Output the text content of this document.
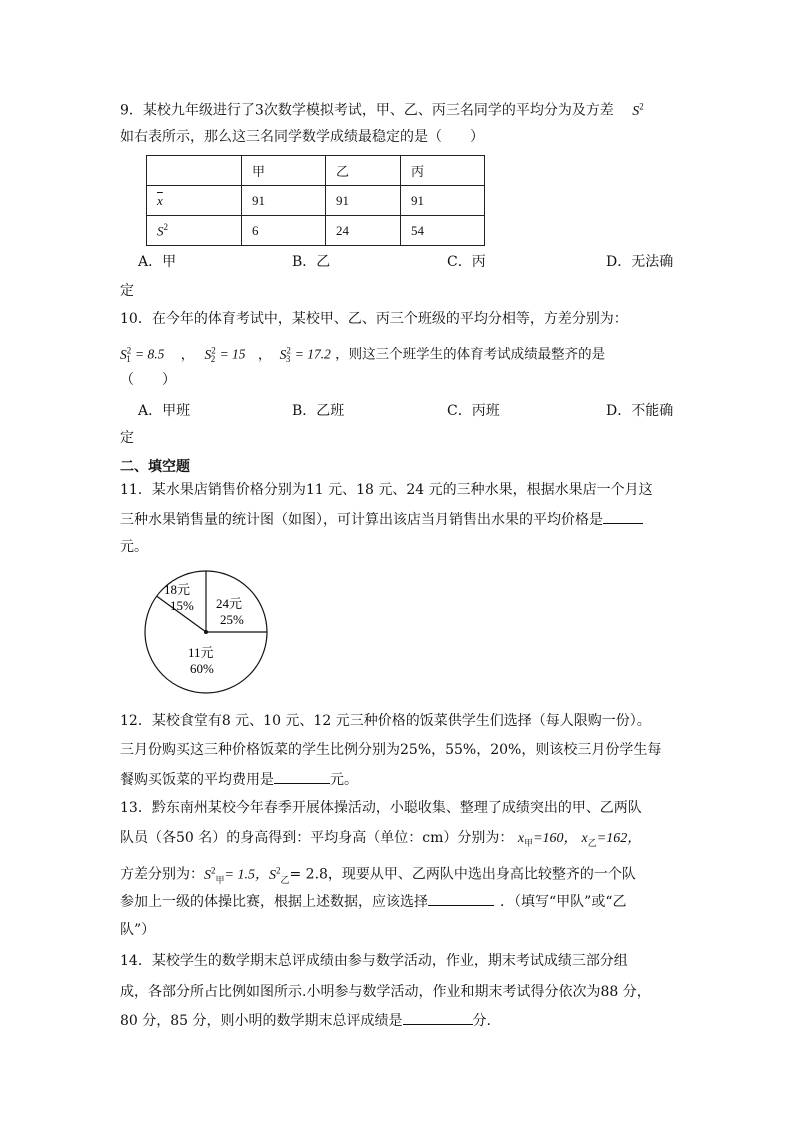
9．某校九年级进行了3次数学模拟考试，甲、乙、丙三名同学的平均分为及方差 $S^2$
如右表所示，那么这三名同学数学成绩最稳定的是（　　）
	甲	乙	丙
$\overline{x}$	91	91	91
$S^2$	6	24	54
A．甲	B．乙	C．丙	D．无法确
定
10．在今年的体育考试中，某校甲、乙、丙三个班级的平均分相等，方差分别为：
$S^2_1 = 8.5$ ， $S^2_2 = 15$ ， $S^2_3 = 17.2$ ，则这三个班学生的体育考试成绩最整齐的是
（　　）
A．甲班	B．乙班	C．丙班	D．不能确
定
二、填空题
11．某水果店销售价格分别为11 元、18 元、24 元的三种水果，根据水果店一个月这
三种水果销售量的统计图（如图），可计算出该店当月销售出水果的平均价格是
元。
18元
15% 24元
25%
11元
60%
12．某校食堂有8 元、10 元、12 元三种价格的饭菜供学生们选择（每人限购一份）。
三月份购买这三种价格饭菜的学生比例分别为25%，55%，20%，则该校三月份学生每
餐购买饭菜的平均费用是	元。
13．黔东南州某校今年春季开展体操活动，小聪收集、整理了成绩突出的甲、乙两队
队员（各50 名）的身高得到：平均身高（单位：cm）分别为： $x_甲=160$， $x_乙=162$，
方差分别为：$S^2_甲= 1.5$，$S^2_乙= 2.8$，现要从甲、乙两队中选出身高比较整齐的一个队
参加上一级的体操比赛，根据上述数据，应该选择	．（填写“甲队”或“乙
队”）
14．某校学生的数学期末总评成绩由参与数学活动，作业，期末考试成绩三部分组
成，各部分所占比例如图所示.小明参与数学活动，作业和期末考试得分依次为88 分，
80 分，85 分，则小明的数学期末总评成绩是	分.
